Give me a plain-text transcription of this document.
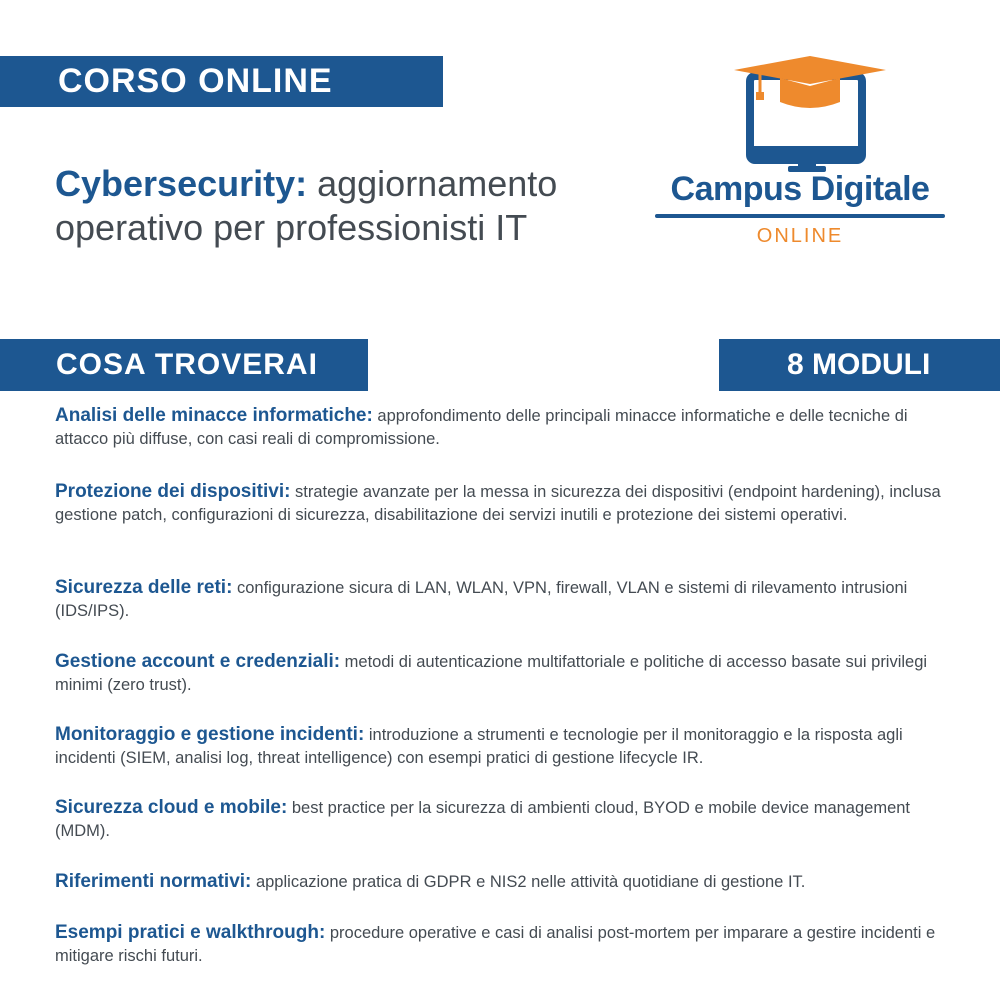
CORSO ONLINE
Cybersecurity: aggiornamento operativo per professionisti IT
Campus Digitale
ONLINE
COSA TROVERAI	8 MODULI
Analisi delle minacce informatiche: approfondimento delle principali minacce informatiche e delle tecniche di attacco più diffuse, con casi reali di compromissione.
Protezione dei dispositivi: strategie avanzate per la messa in sicurezza dei dispositivi (endpoint hardening), inclusa gestione patch, configurazioni di sicurezza, disabilitazione dei servizi inutili e protezione dei sistemi operativi.
Sicurezza delle reti: configurazione sicura di LAN, WLAN, VPN, firewall, VLAN e sistemi di rilevamento intrusioni (IDS/IPS).
Gestione account e credenziali: metodi di autenticazione multifattoriale e politiche di accesso basate sui privilegi minimi (zero trust).
Monitoraggio e gestione incidenti: introduzione a strumenti e tecnologie per il monitoraggio e la risposta agli incidenti (SIEM, analisi log, threat intelligence) con esempi pratici di gestione lifecycle IR.
Sicurezza cloud e mobile: best practice per la sicurezza di ambienti cloud, BYOD e mobile device management (MDM).
Riferimenti normativi: applicazione pratica di GDPR e NIS2 nelle attività quotidiane di gestione IT.
Esempi pratici e walkthrough: procedure operative e casi di analisi post-mortem per imparare a gestire incidenti e mitigare rischi futuri.
